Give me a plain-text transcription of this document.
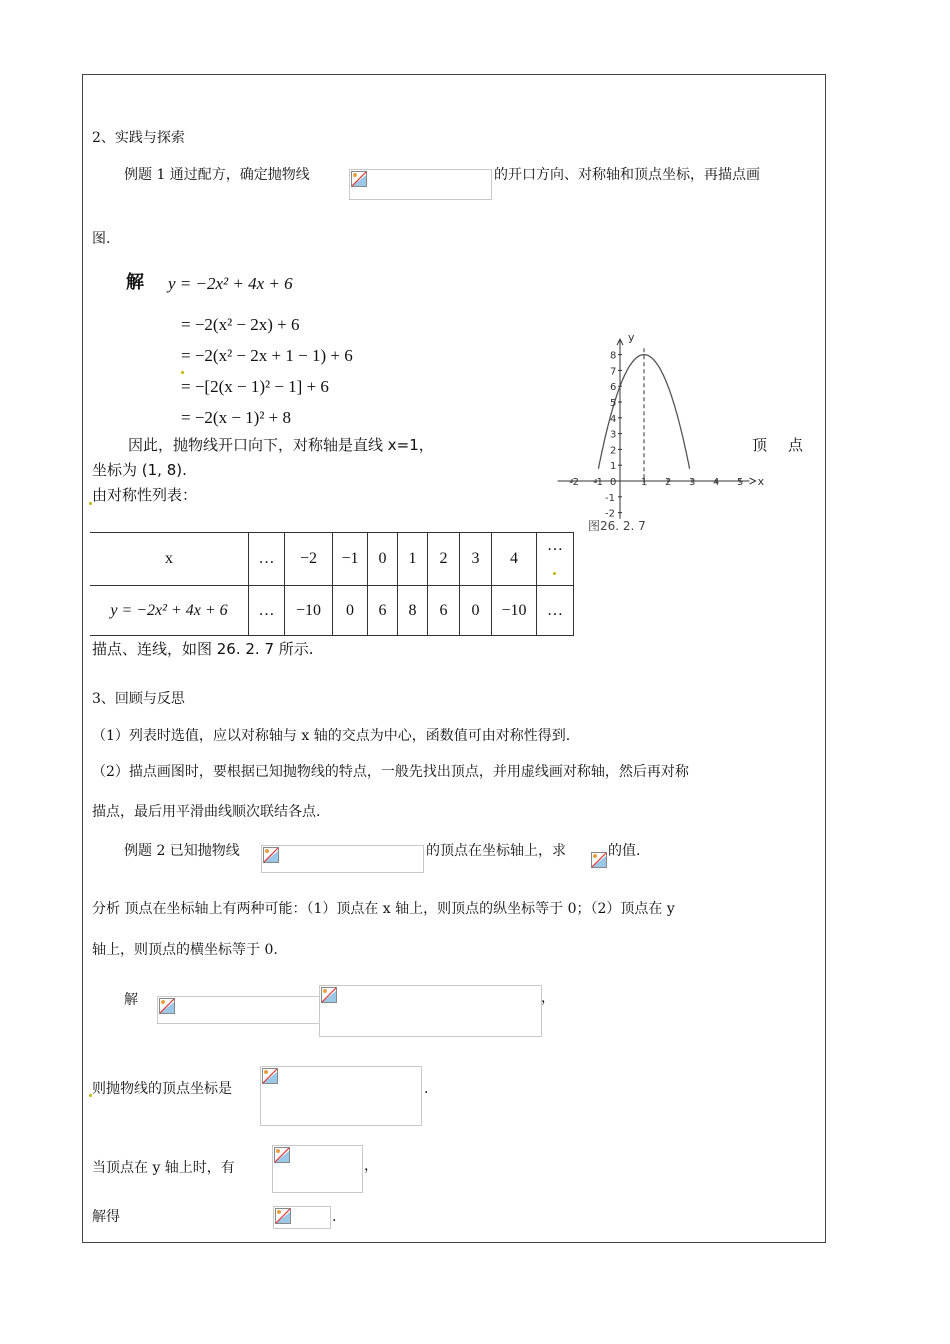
2、实践与探索
例题 1 通过配方，确定抛物线	的开口方向、对称轴和顶点坐标，再描点画
图.
解 y = −2x² + 4x + 6
= −2(x² − 2x) + 6
= −2(x² − 2x + 1 − 1) + 6
= −[2(x − 1)² − 1] + 6
= −2(x − 1)² + 8
因此，抛物线开口向下，对称轴是直线 x=1，	顶 点
坐标为 (1, 8).
由对称性列表：
x
y
-2 -1 0 1 2 3 4 5
8
7
6
5
4
3
2
1
-1
-2
图26. 2. 7
x	…	−2	−1	0	1	2	3	4	…
y = −2x² + 4x + 6	…	−10	0	6	8	6	0	−10	…
描点、连线，如图 26. 2. 7 所示.
3、回顾与反思
（1）列表时选值，应以对称轴与 x 轴的交点为中心，函数值可由对称性得到.
（2）描点画图时，要根据已知抛物线的特点，一般先找出顶点，并用虚线画对称轴，然后再对称
描点，最后用平滑曲线顺次联结各点.
例题 2 已知抛物线	的顶点在坐标轴上，求	的值.
分析 顶点在坐标轴上有两种可能：（1）顶点在 x 轴上，则顶点的纵坐标等于 0；（2）顶点在 y
轴上，则顶点的横坐标等于 0.
解	，
则抛物线的顶点坐标是	.
当顶点在 y 轴上时，有	，
解得	.
